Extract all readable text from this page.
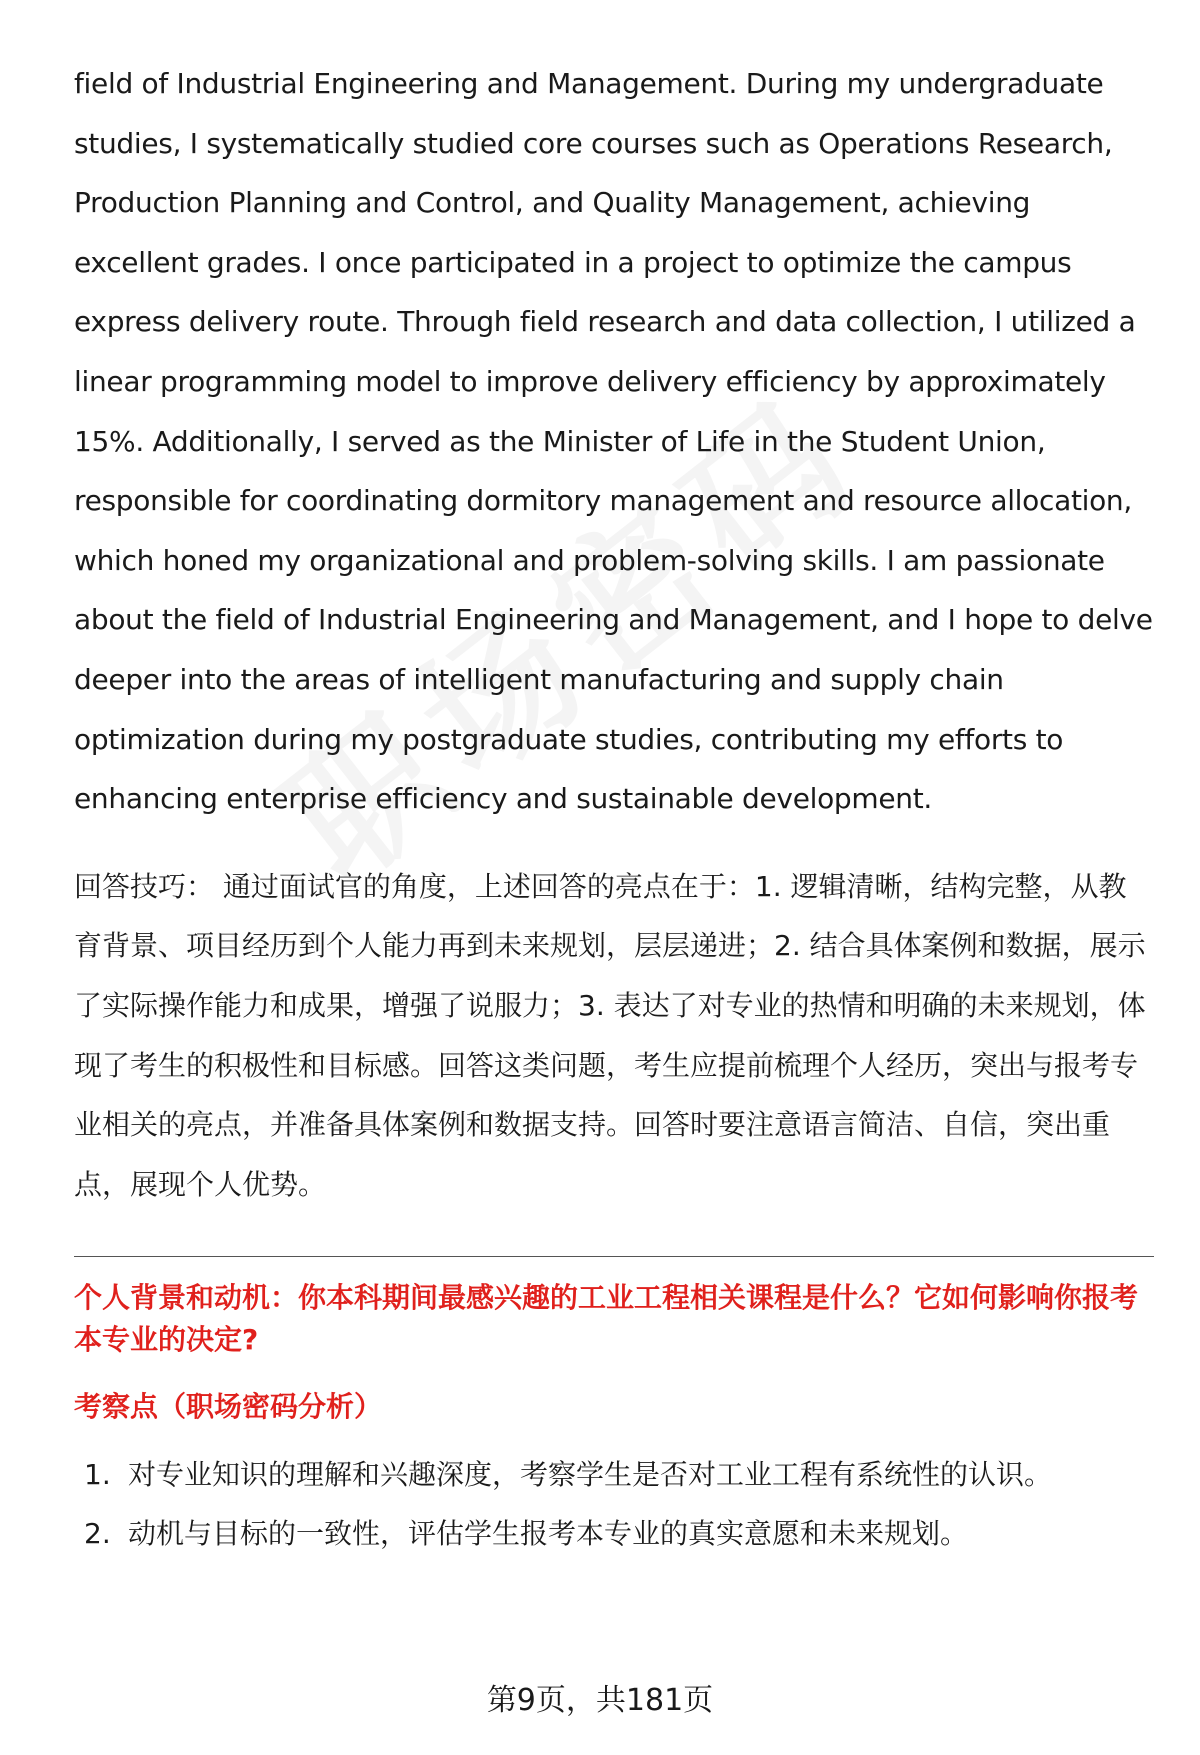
field of Industrial Engineering and Management. During my undergraduate studies, I systematically studied core courses such as Operations Research, Production Planning and Control, and Quality Management, achieving excellent grades. I once participated in a project to optimize the campus express delivery route. Through field research and data collection, I utilized a linear programming model to improve delivery efficiency by approximately 15%. Additionally, I served as the Minister of Life in the Student Union, responsible for coordinating dormitory management and resource allocation, which honed my organizational and problem-solving skills. I am passionate about the field of Industrial Engineering and Management, and I hope to delve deeper into the areas of intelligent manufacturing and supply chain optimization during my postgraduate studies, contributing my efforts to enhancing enterprise efficiency and sustainable development.

回答技巧： 通过面试官的角度，上述回答的亮点在于：1. 逻辑清晰，结构完整，从教育背景、项目经历到个人能力再到未来规划，层层递进；2. 结合具体案例和数据，展示了实际操作能力和成果，增强了说服力；3. 表达了对专业的热情和明确的未来规划，体现了考生的积极性和目标感。回答这类问题，考生应提前梳理个人经历，突出与报考专业相关的亮点，并准备具体案例和数据支持。回答时要注意语言简洁、自信，突出重点，展现个人优势。

个人背景和动机：你本科期间最感兴趣的工业工程相关课程是什么？它如何影响你报考本专业的决定?

考察点（职场密码分析）

1. 对专业知识的理解和兴趣深度，考察学生是否对工业工程有系统性的认识。
2. 动机与目标的一致性，评估学生报考本专业的真实意愿和未来规划。
第9页，共181页
